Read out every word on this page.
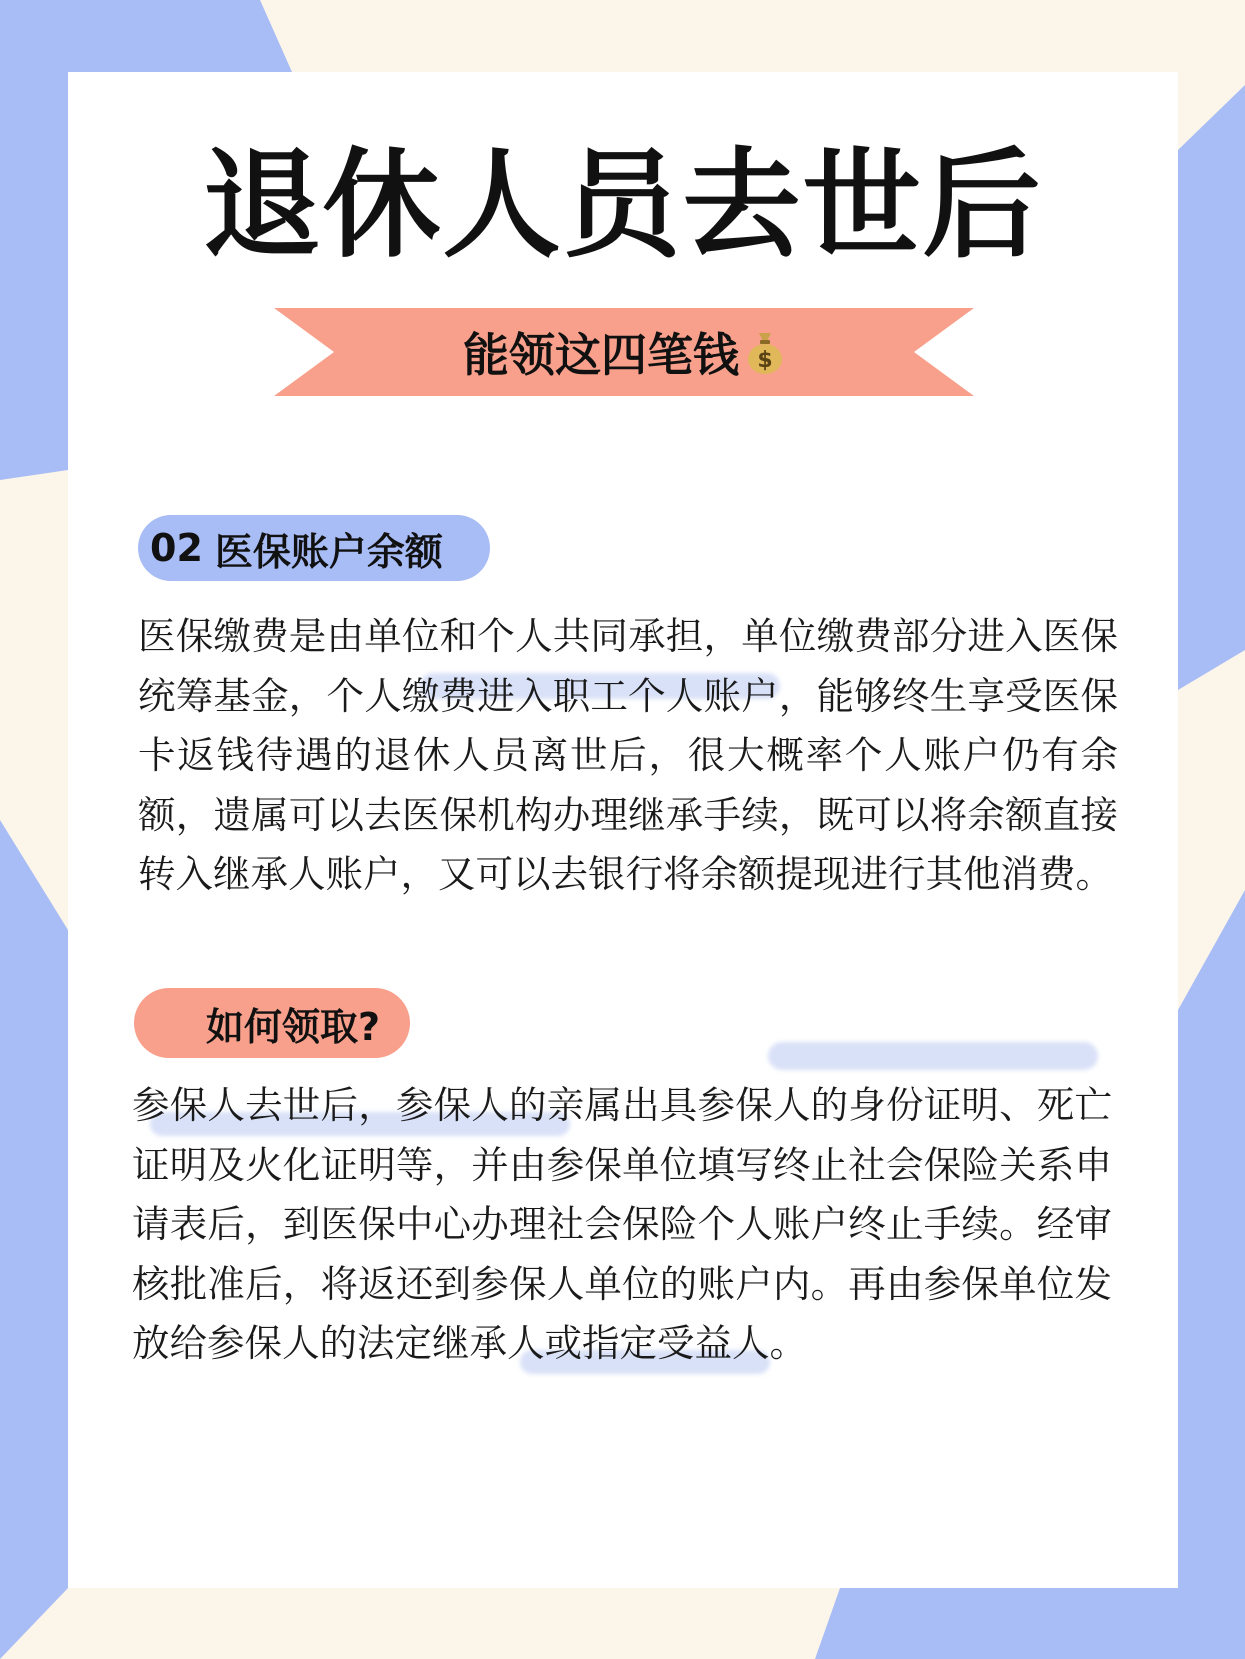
退休人员去世后
能领这四笔钱 $
02 医保账户余额

医保缴费是由单位和个人共同承担，单位缴费部分进入医保统筹基金，个人缴费进入职工个人账户，能够终生享受医保卡返钱待遇的退休人员离世后，很大概率个人账户仍有余额，遗属可以去医保机构办理继承手续，既可以将余额直接转入继承人账户，又可以去银行将余额提现进行其他消费。

如何领取?

参保人去世后，参保人的亲属出具参保人的身份证明、死亡证明及火化证明等，并由参保单位填写终止社会保险关系申请表后，到医保中心办理社会保险个人账户终止手续。经审核批准后，将返还到参保人单位的账户内。再由参保单位发放给参保人的法定继承人或指定受益人。
